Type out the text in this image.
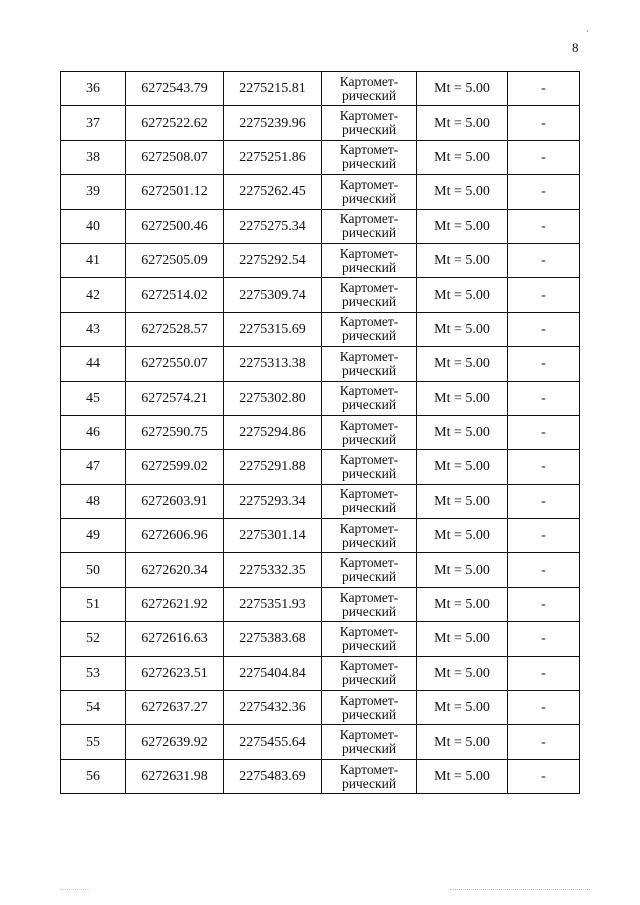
8
´
36	6272543.79	2275215.81	Картомет-
рический	Mt = 5.00	-
37	6272522.62	2275239.96	Картомет-
рический	Mt = 5.00	-
38	6272508.07	2275251.86	Картомет-
рический	Mt = 5.00	-
39	6272501.12	2275262.45	Картомет-
рический	Mt = 5.00	-
40	6272500.46	2275275.34	Картомет-
рический	Mt = 5.00	-
41	6272505.09	2275292.54	Картомет-
рический	Mt = 5.00	-
42	6272514.02	2275309.74	Картомет-
рический	Mt = 5.00	-
43	6272528.57	2275315.69	Картомет-
рический	Mt = 5.00	-
44	6272550.07	2275313.38	Картомет-
рический	Mt = 5.00	-
45	6272574.21	2275302.80	Картомет-
рический	Mt = 5.00	-
46	6272590.75	2275294.86	Картомет-
рический	Mt = 5.00	-
47	6272599.02	2275291.88	Картомет-
рический	Mt = 5.00	-
48	6272603.91	2275293.34	Картомет-
рический	Mt = 5.00	-
49	6272606.96	2275301.14	Картомет-
рический	Mt = 5.00	-
50	6272620.34	2275332.35	Картомет-
рический	Mt = 5.00	-
51	6272621.92	2275351.93	Картомет-
рический	Mt = 5.00	-
52	6272616.63	2275383.68	Картомет-
рический	Mt = 5.00	-
53	6272623.51	2275404.84	Картомет-
рический	Mt = 5.00	-
54	6272637.27	2275432.36	Картомет-
рический	Mt = 5.00	-
55	6272639.92	2275455.64	Картомет-
рический	Mt = 5.00	-
56	6272631.98	2275483.69	Картомет-
рический	Mt = 5.00	-
